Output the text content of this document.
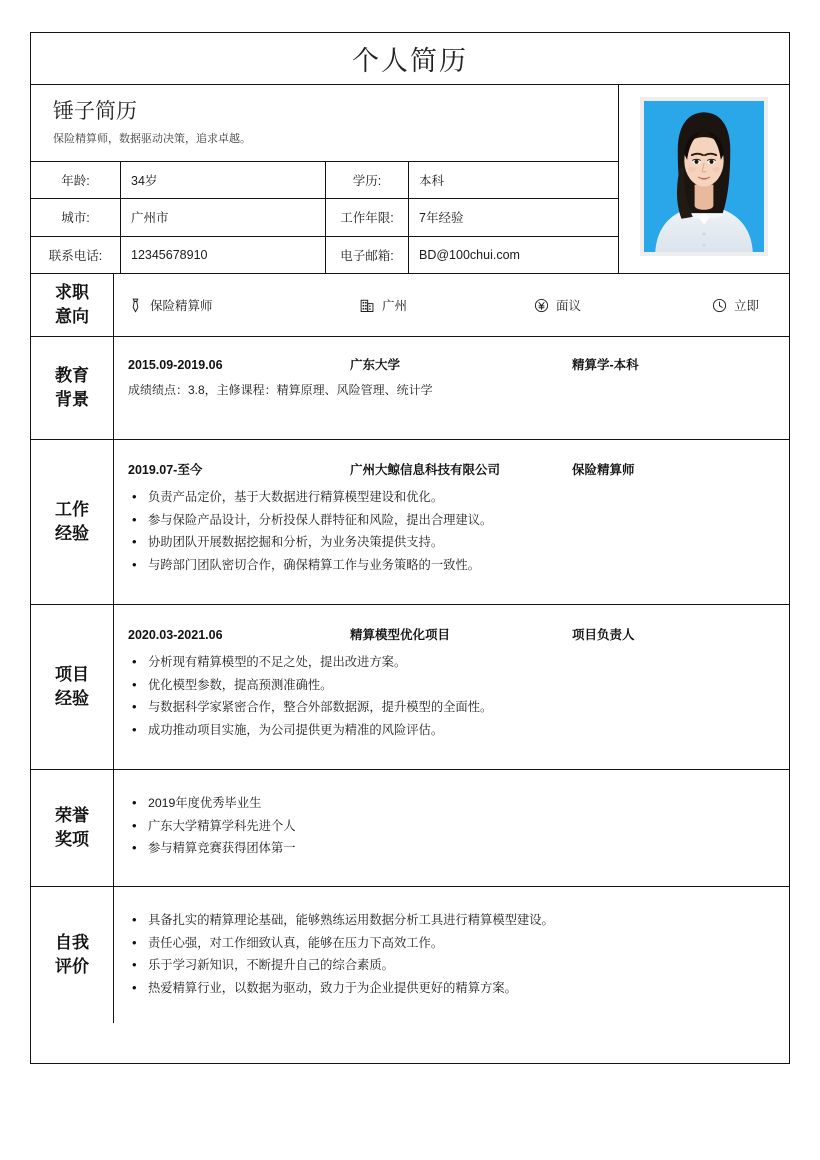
个人简历
锤子简历
保险精算师，数据驱动决策，追求卓越。
年龄:	34岁	学历:	本科
城市:	广州市	工作年限:	7年经验
联系电话:	12345678910	电子邮箱:	BD@100chui.com
求职
意向
保险精算师	广州	面议	立即
教育
背景
2015.09-2019.06	广东大学	精算学-本科
成绩绩点：3.8，主修课程：精算原理、风险管理、统计学
工作
经验
2019.07-至今	广州大鲸信息科技有限公司	保险精算师
• 负责产品定价，基于大数据进行精算模型建设和优化。
• 参与保险产品设计，分析投保人群特征和风险，提出合理建议。
• 协助团队开展数据挖掘和分析，为业务决策提供支持。
• 与跨部门团队密切合作，确保精算工作与业务策略的一致性。
项目
经验
2020.03-2021.06	精算模型优化项目	项目负责人
• 分析现有精算模型的不足之处，提出改进方案。
• 优化模型参数，提高预测准确性。
• 与数据科学家紧密合作，整合外部数据源，提升模型的全面性。
• 成功推动项目实施，为公司提供更为精准的风险评估。
荣誉
奖项
• 2019年度优秀毕业生
• 广东大学精算学科先进个人
• 参与精算竞赛获得团体第一
自我
评价
• 具备扎实的精算理论基础，能够熟练运用数据分析工具进行精算模型建设。
• 责任心强，对工作细致认真，能够在压力下高效工作。
• 乐于学习新知识，不断提升自己的综合素质。
• 热爱精算行业，以数据为驱动，致力于为企业提供更好的精算方案。
